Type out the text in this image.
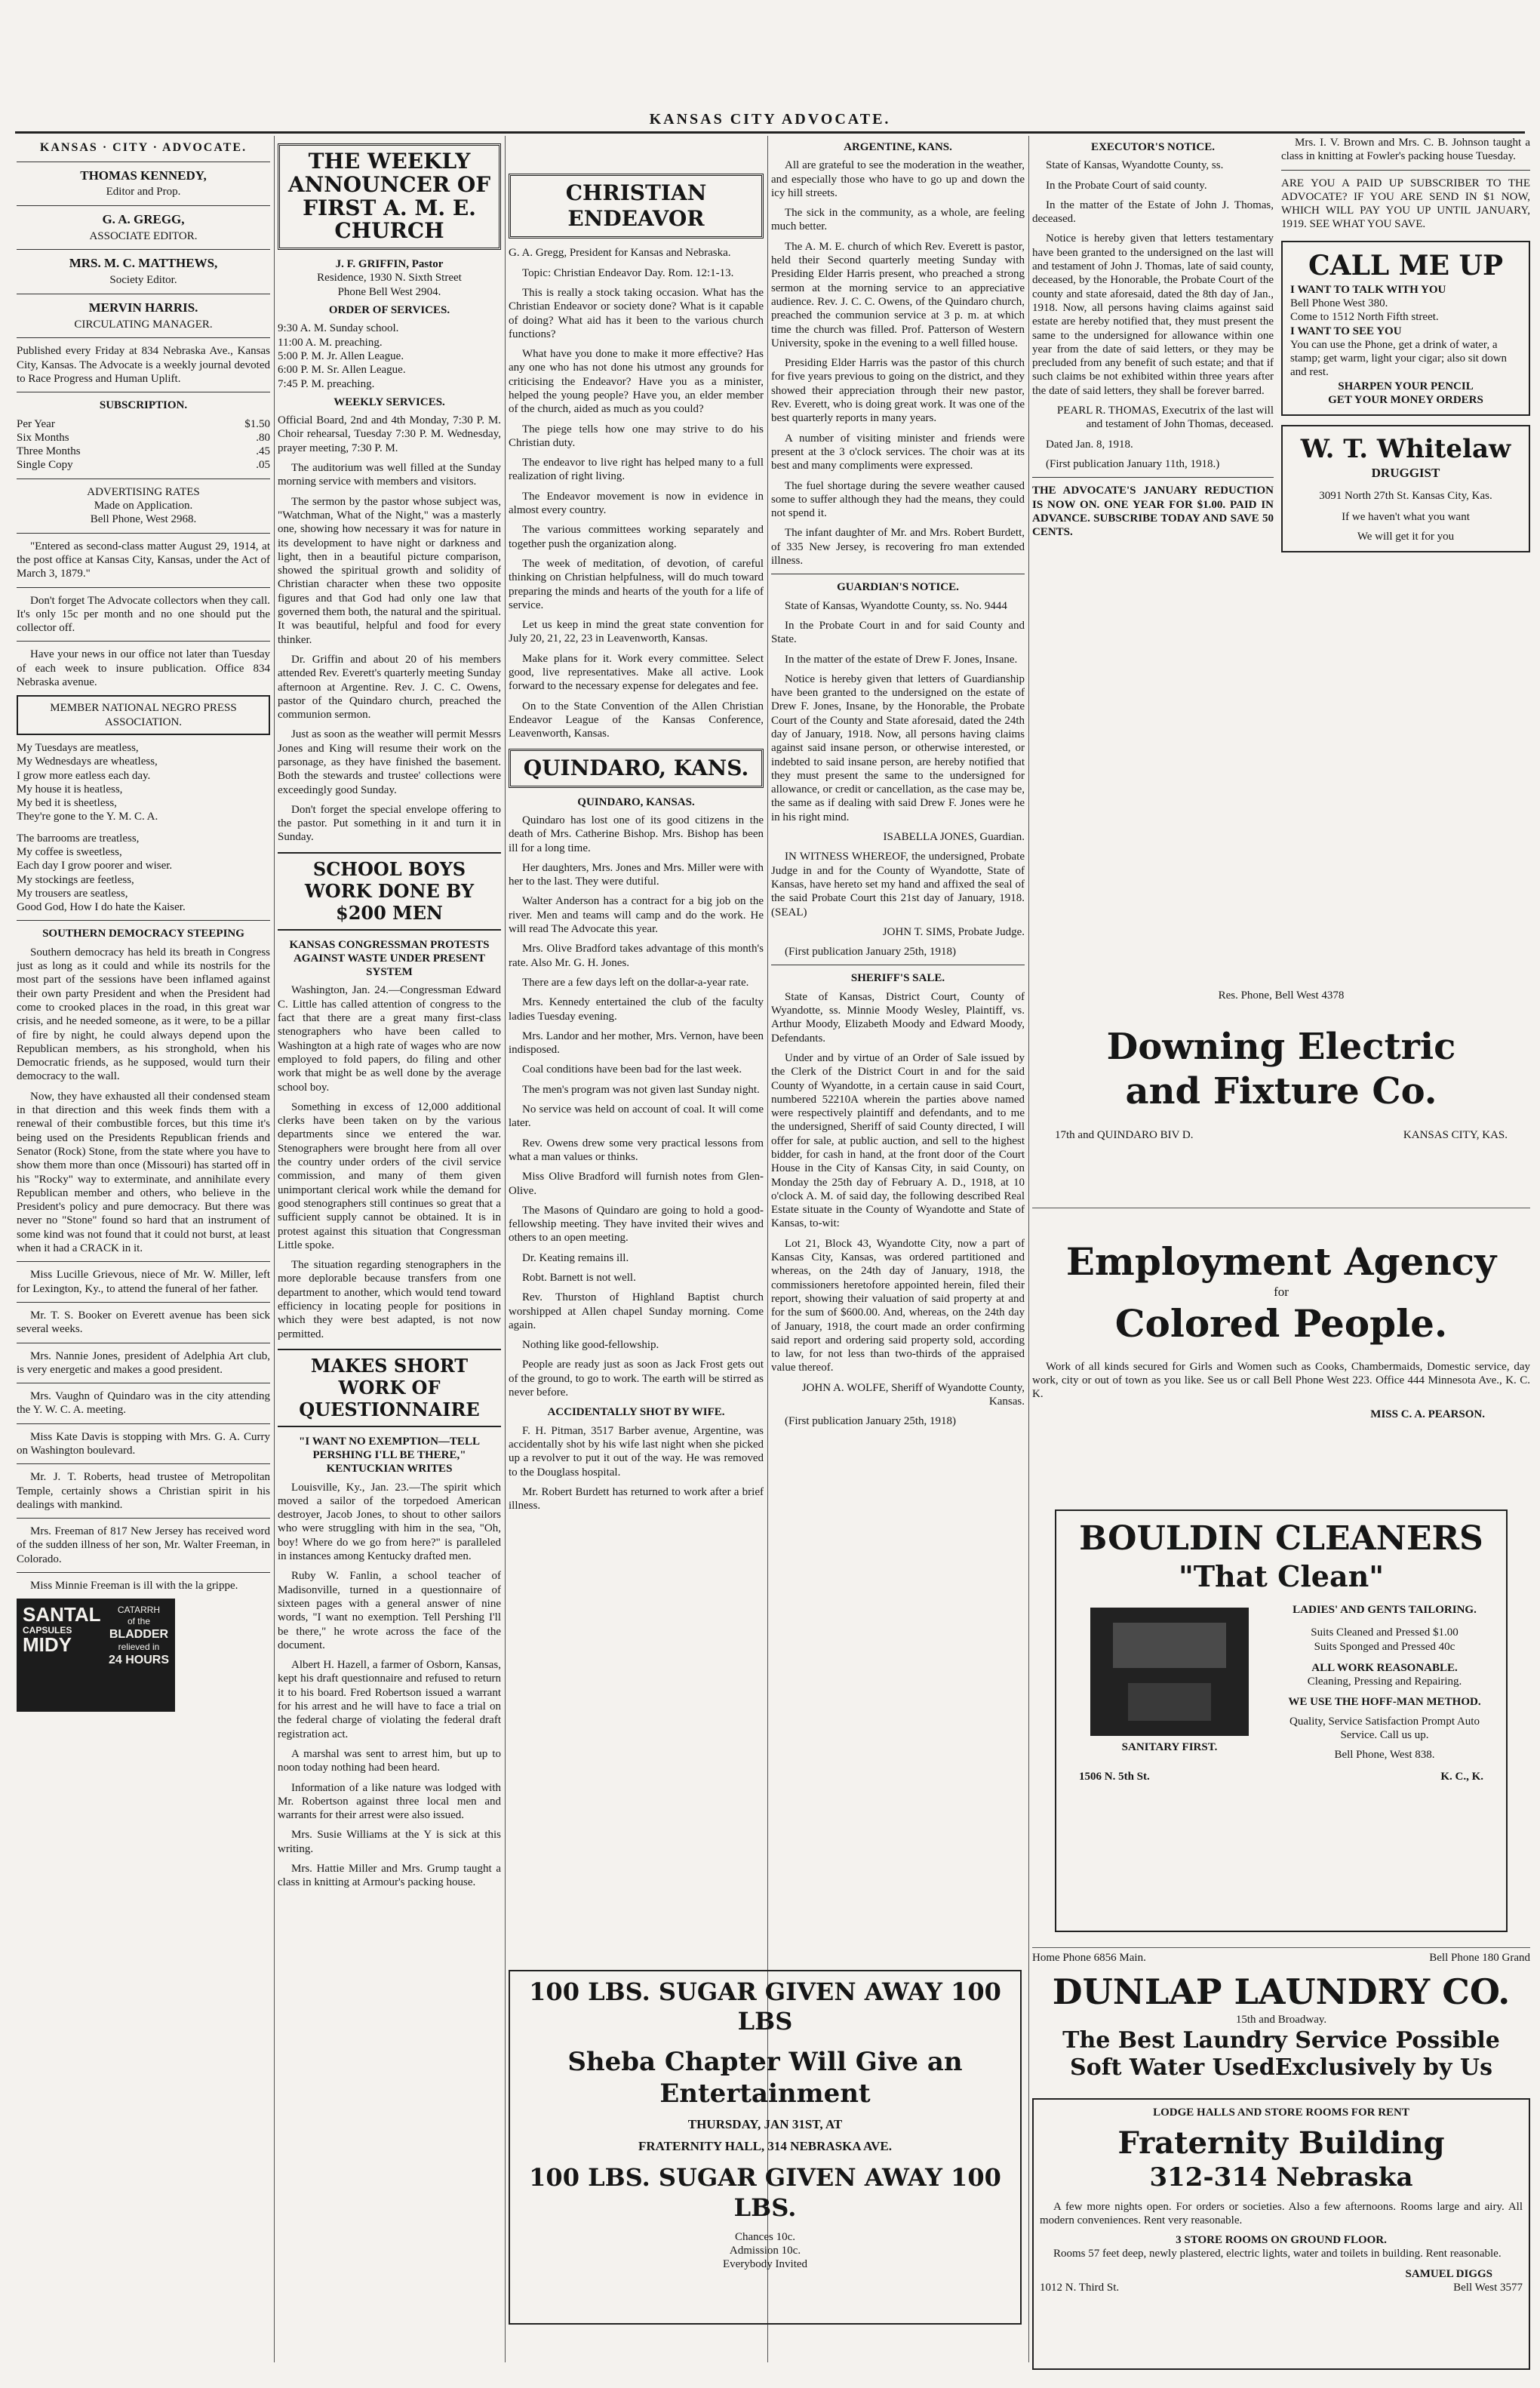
KANSAS CITY ADVOCATE.
KANSAS · CITY · ADVOCATE.
THOMAS KENNEDY,
Editor and Prop.
G. A. GREGG,
ASSOCIATE EDITOR.
MRS. M. C. MATTHEWS,
Society Editor.
MERVIN HARRIS.
CIRCULATING MANAGER.

Published every Friday at 834 Nebraska Ave., Kansas City, Kansas. The Advocate is a weekly journal devoted to Race Progress and Human Uplift.

SUBSCRIPTION.
Per Year	$1.50
Six Months	.80
Three Months	.45
Single Copy	.05
ADVERTISING RATES
Made on Application.
Bell Phone, West 2968.

"Entered as second-class matter August 29, 1914, at the post office at Kansas City, Kansas, under the Act of March 3, 1879."

Don't forget The Advocate collectors when they call. It's only 15c per month and no one should put the collector off.

Have your news in our office not later than Tuesday of each week to insure publication. Office 834 Nebraska avenue.

MEMBER NATIONAL NEGRO PRESS ASSOCIATION.

My Tuesdays are meatless,

My Wednesdays are wheatless,

I grow more eatless each day.

My house it is heatless,

My bed it is sheetless,

They're gone to the Y. M. C. A.

The barrooms are treatless,

My coffee is sweetless,

Each day I grow poorer and wiser.

My stockings are feetless,

My trousers are seatless,

Good God, How I do hate the Kaiser.

SOUTHERN DEMOCRACY STEEPING

Southern democracy has held its breath in Congress just as long as it could and while its nostrils for the most part of the sessions have been inflamed against their own party President and when the President had come to crooked places in the road, in this great war crisis, and he needed someone, as it were, to be a pillar of fire by night, he could always depend upon the Republican members, as his stronghold, when his Democratic friends, as he supposed, would turn their democracy to the wall.

Now, they have exhausted all their condensed steam in that direction and this week finds them with a renewal of their combustible forces, but this time it's being used on the Presidents Republican friends and Senator (Rock) Stone, from the state where you have to show them more than once (Missouri) has started off in his "Rocky" way to exterminate, and annihilate every Republican member and others, who believe in the President's policy and pure democracy. But there was never no "Stone" found so hard that an instrument of some kind was not found that it could not burst, at least when it had a CRACK in it.

Miss Lucille Grievous, niece of Mr. W. Miller, left for Lexington, Ky., to attend the funeral of her father.

Mr. T. S. Booker on Everett avenue has been sick several weeks.

Mrs. Nannie Jones, president of Adelphia Art club, is very energetic and makes a good president.

Mrs. Vaughn of Quindaro was in the city attending the Y. W. C. A. meeting.

Miss Kate Davis is stopping with Mrs. G. A. Curry on Washington boulevard.

Mr. J. T. Roberts, head trustee of Metropolitan Temple, certainly shows a Christian spirit in his dealings with mankind.

Mrs. Freeman of 817 New Jersey has received word of the sudden illness of her son, Mr. Walter Freeman, in Colorado.

Miss Minnie Freeman is ill with the la grippe.

SANTAL
CAPSULES
MIDY
CATARRH
of the
BLADDER
relieved in
24 HOURS
THE WEEKLY ANNOUNCER OF FIRST A. M. E. CHURCH
J. F. GRIFFIN, Pastor
Residence, 1930 N. Sixth Street
Phone Bell West 2904.
ORDER OF SERVICES.
9:30 A. M. Sunday school.
11:00 A. M. preaching.
5:00 P. M. Jr. Allen League.
6:00 P. M. Sr. Allen League.
7:45 P. M. preaching.
WEEKLY SERVICES.

Official Board, 2nd and 4th Monday, 7:30 P. M. Choir rehearsal, Tuesday 7:30 P. M. Wednesday, prayer meeting, 7:30 P. M.

The auditorium was well filled at the Sunday morning service with members and visitors.

The sermon by the pastor whose subject was, "Watchman, What of the Night," was a masterly one, showing how necessary it was for nature in its development to have night or darkness and light, then in a beautiful picture comparison, showed the spiritual growth and solidity of Christian character when these two opposite figures and that God had only one law that governed them both, the natural and the spiritual. It was beautiful, helpful and food for every thinker.

Dr. Griffin and about 20 of his members attended Rev. Everett's quarterly meeting Sunday afternoon at Argentine. Rev. J. C. C. Owens, pastor of the Quindaro church, preached the communion sermon.

Just as soon as the weather will permit Messrs Jones and King will resume their work on the parsonage, as they have finished the basement. Both the stewards and trustee' collections were exceedingly good Sunday.

Don't forget the special envelope offering to the pastor. Put something in it and turn it in Sunday.

SCHOOL BOYS WORK DONE BY $200 MEN
KANSAS CONGRESSMAN PROTESTS AGAINST WASTE UNDER PRESENT SYSTEM

Washington, Jan. 24.—Congressman Edward C. Little has called attention of congress to the fact that there are a great many first-class stenographers who have been called to Washington at a high rate of wages who are now employed to fold papers, do filing and other work that might be as well done by the average school boy.

Something in excess of 12,000 additional clerks have been taken on by the various departments since we entered the war. Stenographers were brought here from all over the country under orders of the civil service commission, and many of them given unimportant clerical work while the demand for good stenographers still continues so great that a sufficient supply cannot be obtained. It is in protest against this situation that Congressman Little spoke.

The situation regarding stenographers in the more deplorable because transfers from one department to another, which would tend toward efficiency in locating people for positions in which they were best adapted, is not now permitted.

MAKES SHORT WORK OF QUESTIONNAIRE
"I WANT NO EXEMPTION—TELL PERSHING I'LL BE THERE," KENTUCKIAN WRITES

Louisville, Ky., Jan. 23.—The spirit which moved a sailor of the torpedoed American destroyer, Jacob Jones, to shout to other sailors who were struggling with him in the sea, "Oh, boy! Where do we go from here?" is paralleled in instances among Kentucky drafted men.

Ruby W. Fanlin, a school teacher of Madisonville, turned in a questionnaire of sixteen pages with a general answer of nine words, "I want no exemption. Tell Pershing I'll be there," he wrote across the face of the document.

Albert H. Hazell, a farmer of Osborn, Kansas, kept his draft questionnaire and refused to return it to his board. Fred Robertson issued a warrant for his arrest and he will have to face a trial on the federal charge of violating the federal draft registration act.

A marshal was sent to arrest him, but up to noon today nothing had been heard.

Information of a like nature was lodged with Mr. Robertson against three local men and warrants for their arrest were also issued.

Mrs. Susie Williams at the Y is sick at this writing.

Mrs. Hattie Miller and Mrs. Grump taught a class in knitting at Armour's packing house.

CHRISTIAN ENDEAVOR

G. A. Gregg, President for Kansas and Nebraska.

Topic: Christian Endeavor Day. Rom. 12:1-13.

This is really a stock taking occasion. What has the Christian Endeavor or society done? What is it capable of doing? What aid has it been to the various church functions?

What have you done to make it more effective? Has any one who has not done his utmost any grounds for criticising the Endeavor? Have you as a minister, helped the young people? Have you, an elder member of the church, aided as much as you could?

The piege tells how one may strive to do his Christian duty.

The endeavor to live right has helped many to a full realization of right living.

The Endeavor movement is now in evidence in almost every country.

The various committees working separately and together push the organization along.

The week of meditation, of devotion, of careful thinking on Christian helpfulness, will do much toward preparing the minds and hearts of the youth for a life of service.

Let us keep in mind the great state convention for July 20, 21, 22, 23 in Leavenworth, Kansas.

Make plans for it. Work every committee. Select good, live representatives. Make all active. Look forward to the necessary expense for delegates and fee.

On to the State Convention of the Allen Christian Endeavor League of the Kansas Conference, Leavenworth, Kansas.

QUINDARO, KANS.
QUINDARO, KANSAS.

Quindaro has lost one of its good citizens in the death of Mrs. Catherine Bishop. Mrs. Bishop has been ill for a long time.

Her daughters, Mrs. Jones and Mrs. Miller were with her to the last. They were dutiful.

Walter Anderson has a contract for a big job on the river. Men and teams will camp and do the work. He will read The Advocate this year.

Mrs. Olive Bradford takes advantage of this month's rate. Also Mr. G. H. Jones.

There are a few days left on the dollar-a-year rate.

Mrs. Kennedy entertained the club of the faculty ladies Tuesday evening.

Mrs. Landor and her mother, Mrs. Vernon, have been indisposed.

Coal conditions have been bad for the last week.

The men's program was not given last Sunday night.

No service was held on account of coal. It will come later.

Rev. Owens drew some very practical lessons from what a man values or thinks.

Miss Olive Bradford will furnish notes from Glen-Olive.

The Masons of Quindaro are going to hold a good-fellowship meeting. They have invited their wives and others to an open meeting.

Dr. Keating remains ill.

Robt. Barnett is not well.

Rev. Thurston of Highland Baptist church worshipped at Allen chapel Sunday morning. Come again.

Nothing like good-fellowship.

People are ready just as soon as Jack Frost gets out of the ground, to go to work. The earth will be stirred as never before.

ACCIDENTALLY SHOT BY WIFE.

F. H. Pitman, 3517 Barber avenue, Argentine, was accidentally shot by his wife last night when she picked up a revolver to put it out of the way. He was removed to the Douglass hospital.

Mr. Robert Burdett has returned to work after a brief illness.

ARGENTINE, KANS.

All are grateful to see the moderation in the weather, and especially those who have to go up and down the icy hill streets.

The sick in the community, as a whole, are feeling much better.

The A. M. E. church of which Rev. Everett is pastor, held their Second quarterly meeting Sunday with Presiding Elder Harris present, who preached a strong sermon at the morning service to an appreciative audience. Rev. J. C. C. Owens, of the Quindaro church, preached the communion service at 3 p. m. at which time the church was filled. Prof. Patterson of Western University, spoke in the evening to a well filled house.

Presiding Elder Harris was the pastor of this church for five years previous to going on the district, and they showed their appreciation through their new pastor, Rev. Everett, who is doing great work. It was one of the best quarterly reports in many years.

A number of visiting minister and friends were present at the 3 o'clock services. The choir was at its best and many compliments were expressed.

The fuel shortage during the severe weather caused some to suffer although they had the means, they could not spend it.

The infant daughter of Mr. and Mrs. Robert Burdett, of 335 New Jersey, is recovering fro man extended illness.

GUARDIAN'S NOTICE.

State of Kansas, Wyandotte County, ss. No. 9444

In the Probate Court in and for said County and State.

In the matter of the estate of Drew F. Jones, Insane.

Notice is hereby given that letters of Guardianship have been granted to the undersigned on the estate of Drew F. Jones, Insane, by the Honorable, the Probate Court of the County and State aforesaid, dated the 24th day of January, 1918. Now, all persons having claims against said insane person, or otherwise interested, or indebted to said insane person, are hereby notified that they must present the same to the undersigned for allowance, or credit or cancellation, as the case may be, the same as if dealing with said Drew F. Jones were he in his right mind.

ISABELLA JONES, Guardian.

IN WITNESS WHEREOF, the undersigned, Probate Judge in and for the County of Wyandotte, State of Kansas, have hereto set my hand and affixed the seal of the said Probate Court this 21st day of January, 1918. (SEAL)

JOHN T. SIMS, Probate Judge.

(First publication January 25th, 1918)

SHERIFF'S SALE.

State of Kansas, District Court, County of Wyandotte, ss. Minnie Moody Wesley, Plaintiff, vs. Arthur Moody, Elizabeth Moody and Edward Moody, Defendants.

Under and by virtue of an Order of Sale issued by the Clerk of the District Court in and for the said County of Wyandotte, in a certain cause in said Court, numbered 52210A wherein the parties above named were respectively plaintiff and defendants, and to me the undersigned, Sheriff of said County directed, I will offer for sale, at public auction, and sell to the highest bidder, for cash in hand, at the front door of the Court House in the City of Kansas City, in said County, on Monday the 25th day of February A. D., 1918, at 10 o'clock A. M. of said day, the following described Real Estate situate in the County of Wyandotte and State of Kansas, to-wit:

Lot 21, Block 43, Wyandotte City, now a part of Kansas City, Kansas, was ordered partitioned and whereas, on the 24th day of January, 1918, the commissioners heretofore appointed herein, filed their report, showing their valuation of said property at and for the sum of $600.00. And, whereas, on the 24th day of January, 1918, the court made an order confirming said report and ordering said property sold, according to law, for not less than two-thirds of the appraised value thereof.

JOHN A. WOLFE, Sheriff of Wyandotte County, Kansas.

(First publication January 25th, 1918)

EXECUTOR'S NOTICE.

State of Kansas, Wyandotte County, ss.

In the Probate Court of said county.

In the matter of the Estate of John J. Thomas, deceased.

Notice is hereby given that letters testamentary have been granted to the undersigned on the last will and testament of John J. Thomas, late of said county, deceased, by the Honorable, the Probate Court of the county and state aforesaid, dated the 8th day of Jan., 1918. Now, all persons having claims against said estate are hereby notified that, they must present the same to the undersigned for allowance within one year from the date of said letters, or they may be precluded from any benefit of such estate; and that if such claims be not exhibited within three years after the date of said letters, they shall be forever barred.

PEARL R. THOMAS, Executrix of the last will and testament of John Thomas, deceased.

Dated Jan. 8, 1918.

(First publication January 11th, 1918.)

THE ADVOCATE'S JANUARY REDUCTION IS NOW ON. ONE YEAR FOR $1.00. PAID IN ADVANCE. SUBSCRIBE TODAY AND SAVE 50 CENTS.

Mrs. I. V. Brown and Mrs. C. B. Johnson taught a class in knitting at Fowler's packing house Tuesday.

ARE YOU A PAID UP SUBSCRIBER TO THE ADVOCATE? IF YOU ARE SEND IN $1 NOW, WHICH WILL PAY YOU UP UNTIL JANUARY, 1919. SEE WHAT YOU SAVE.

CALL ME UP
I WANT TO TALK WITH YOU
Bell Phone West 380.
Come to 1512 North Fifth street.
I WANT TO SEE YOU
You can use the Phone, get a drink of water, a stamp; get warm, light your cigar; also sit down and rest.
SHARPEN YOUR PENCIL
GET YOUR MONEY ORDERS
W. T. Whitelaw
DRUGGIST
3091 North 27th St. Kansas City, Kas.
If we haven't what you want
We will get it for you
Res. Phone, Bell West 4378
Downing Electric
and Fixture Co.
17th and QUINDARO BIV D.	KANSAS CITY, KAS.
Employment Agency
for
Colored People.

Work of all kinds secured for Girls and Women such as Cooks, Chambermaids, Domestic service, day work, city or out of town as you like. See us or call Bell Phone West 223. Office 444 Minnesota Ave., K. C. K.

MISS C. A. PEARSON.
BOULDIN CLEANERS
"That Clean"
SANITARY FIRST.
LADIES' AND GENTS TAILORING.
Suits Cleaned and Pressed $1.00
Suits Sponged and Pressed 40c
ALL WORK REASONABLE.
Cleaning, Pressing and Repairing.
WE USE THE HOFF-MAN METHOD.
Quality, Service Satisfaction Prompt Auto Service. Call us up.
Bell Phone, West 838.
1506 N. 5th St.	K. C., K.
Home Phone 6856 Main.	Bell Phone 180 Grand
DUNLAP LAUNDRY CO.
15th and Broadway.
The Best Laundry Service Possible
Soft Water UsedExclusively by Us
100 LBS. SUGAR GIVEN AWAY 100 LBS
Sheba Chapter Will Give an
Entertainment
THURSDAY, JAN 31ST, AT
FRATERNITY HALL, 314 NEBRASKA AVE.
100 LBS. SUGAR GIVEN AWAY 100 LBS.
Chances 10c.
Admission 10c.
Everybody Invited
LODGE HALLS AND STORE ROOMS FOR RENT
Fraternity Building
312-314 Nebraska

A few more nights open. For orders or societies. Also a few afternoons. Rooms large and airy. All modern conveniences. Rent very reasonable.

3 STORE ROOMS ON GROUND FLOOR.

Rooms 57 feet deep, newly plastered, electric lights, water and toilets in building. Rent reasonable.

SAMUEL DIGGS
1012 N. Third St.	Bell West 3577
